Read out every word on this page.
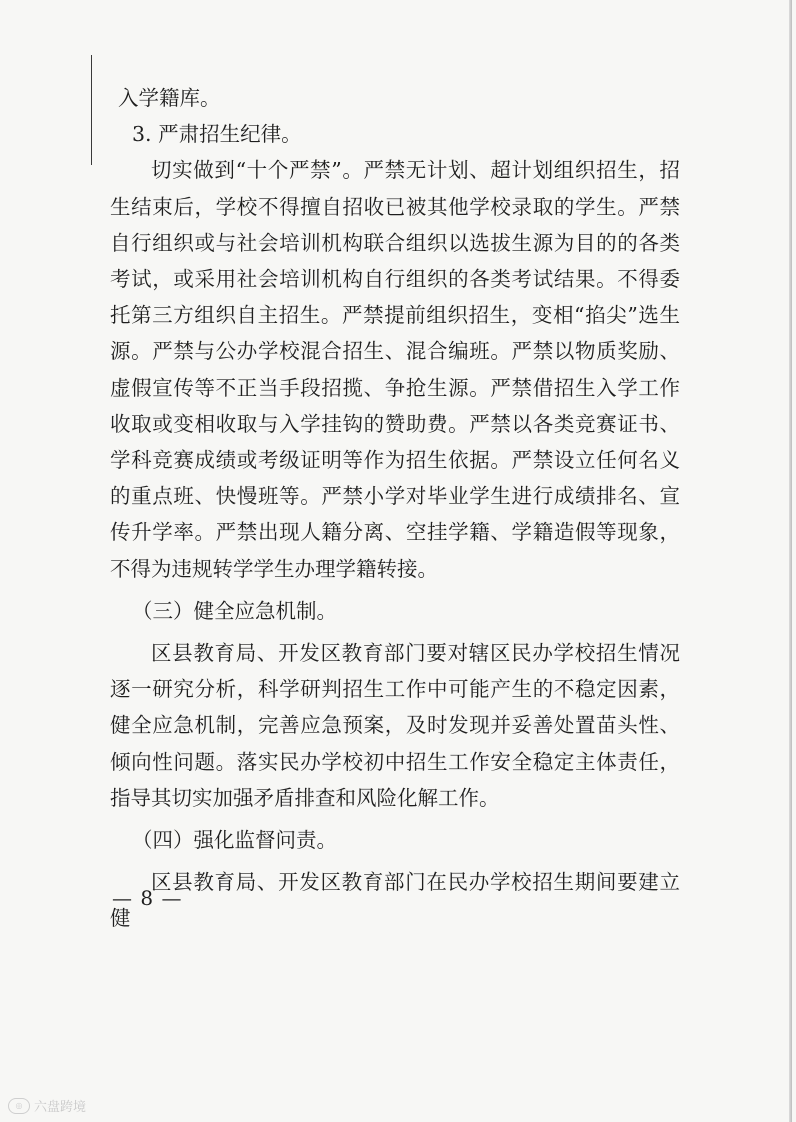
入学籍库。

3. 严肃招生纪律。

切实做到“十个严禁”。严禁无计划、超计划组织招生，招生结束后，学校不得擅自招收已被其他学校录取的学生。严禁自行组织或与社会培训机构联合组织以选拔生源为目的的各类考试，或采用社会培训机构自行组织的各类考试结果。不得委托第三方组织自主招生。严禁提前组织招生，变相“掐尖”选生源。严禁与公办学校混合招生、混合编班。严禁以物质奖励、虚假宣传等不正当手段招揽、争抢生源。严禁借招生入学工作收取或变相收取与入学挂钩的赞助费。严禁以各类竞赛证书、学科竞赛成绩或考级证明等作为招生依据。严禁设立任何名义的重点班、快慢班等。严禁小学对毕业学生进行成绩排名、宣传升学率。严禁出现人籍分离、空挂学籍、学籍造假等现象，不得为违规转学学生办理学籍转接。

（三）健全应急机制。

区县教育局、开发区教育部门要对辖区民办学校招生情况逐一研究分析，科学研判招生工作中可能产生的不稳定因素，健全应急机制，完善应急预案，及时发现并妥善处置苗头性、倾向性问题。落实民办学校初中招生工作安全稳定主体责任，指导其切实加强矛盾排查和风险化解工作。

（四）强化监督问责。

区县教育局、开发区教育部门在民办学校招生期间要建立健

— 8 —
◎ 六盘跨境
